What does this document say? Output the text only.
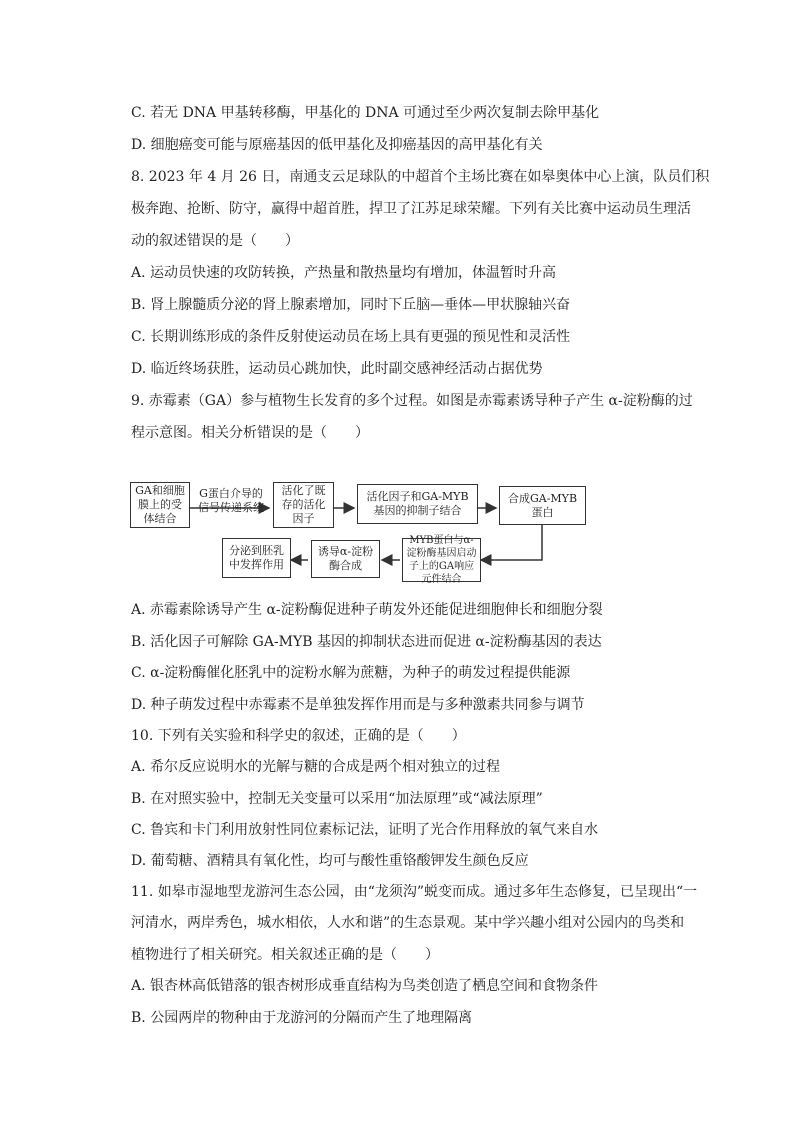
C. 若无 DNA 甲基转移酶，甲基化的 DNA 可通过至少两次复制去除甲基化
D. 细胞癌变可能与原癌基因的低甲基化及抑癌基因的高甲基化有关
8. 2023 年 4 月 26 日，南通支云足球队的中超首个主场比赛在如皋奥体中心上演，队员们积
极奔跑、抢断、防守，赢得中超首胜，捍卫了江苏足球荣耀。下列有关比赛中运动员生理活
动的叙述错误的是（　　）
A. 运动员快速的攻防转换，产热量和散热量均有增加，体温暂时升高
B. 肾上腺髓质分泌的肾上腺素增加，同时下丘脑—垂体—甲状腺轴兴奋
C. 长期训练形成的条件反射使运动员在场上具有更强的预见性和灵活性
D. 临近终场获胜，运动员心跳加快，此时副交感神经活动占据优势
9. 赤霉素（GA）参与植物生长发育的多个过程。如图是赤霉素诱导种子产生 α-淀粉酶的过
程示意图。相关分析错误的是（　　）
GA和细胞膜上的受体结合
G蛋白介导的信号传递系统
活化了既存的活化因子
活化因子和GA-MYB基因的抑制子结合
合成GA-MYB蛋白
MYB蛋白与α-淀粉酶基因启动子上的GA响应元件结合
诱导α-淀粉酶合成
分泌到胚乳中发挥作用
A. 赤霉素除诱导产生 α-淀粉酶促进种子萌发外还能促进细胞伸长和细胞分裂
B. 活化因子可解除 GA-MYB 基因的抑制状态进而促进 α-淀粉酶基因的表达
C. α-淀粉酶催化胚乳中的淀粉水解为蔗糖，为种子的萌发过程提供能源
D. 种子萌发过程中赤霉素不是单独发挥作用而是与多种激素共同参与调节
10. 下列有关实验和科学史的叙述，正确的是（　　）
A. 希尔反应说明水的光解与糖的合成是两个相对独立的过程
B. 在对照实验中，控制无关变量可以采用“加法原理”或“减法原理”
C. 鲁宾和卡门利用放射性同位素标记法，证明了光合作用释放的氧气来自水
D. 葡萄糖、酒精具有氧化性，均可与酸性重铬酸钾发生颜色反应
11. 如皋市湿地型龙游河生态公园，由“龙须沟”蜕变而成。通过多年生态修复，已呈现出“一
河清水，两岸秀色，城水相依，人水和谐”的生态景观。某中学兴趣小组对公园内的鸟类和
植物进行了相关研究。相关叙述正确的是（　　）
A. 银杏林高低错落的银杏树形成垂直结构为鸟类创造了栖息空间和食物条件
B. 公园两岸的物种由于龙游河的分隔而产生了地理隔离
